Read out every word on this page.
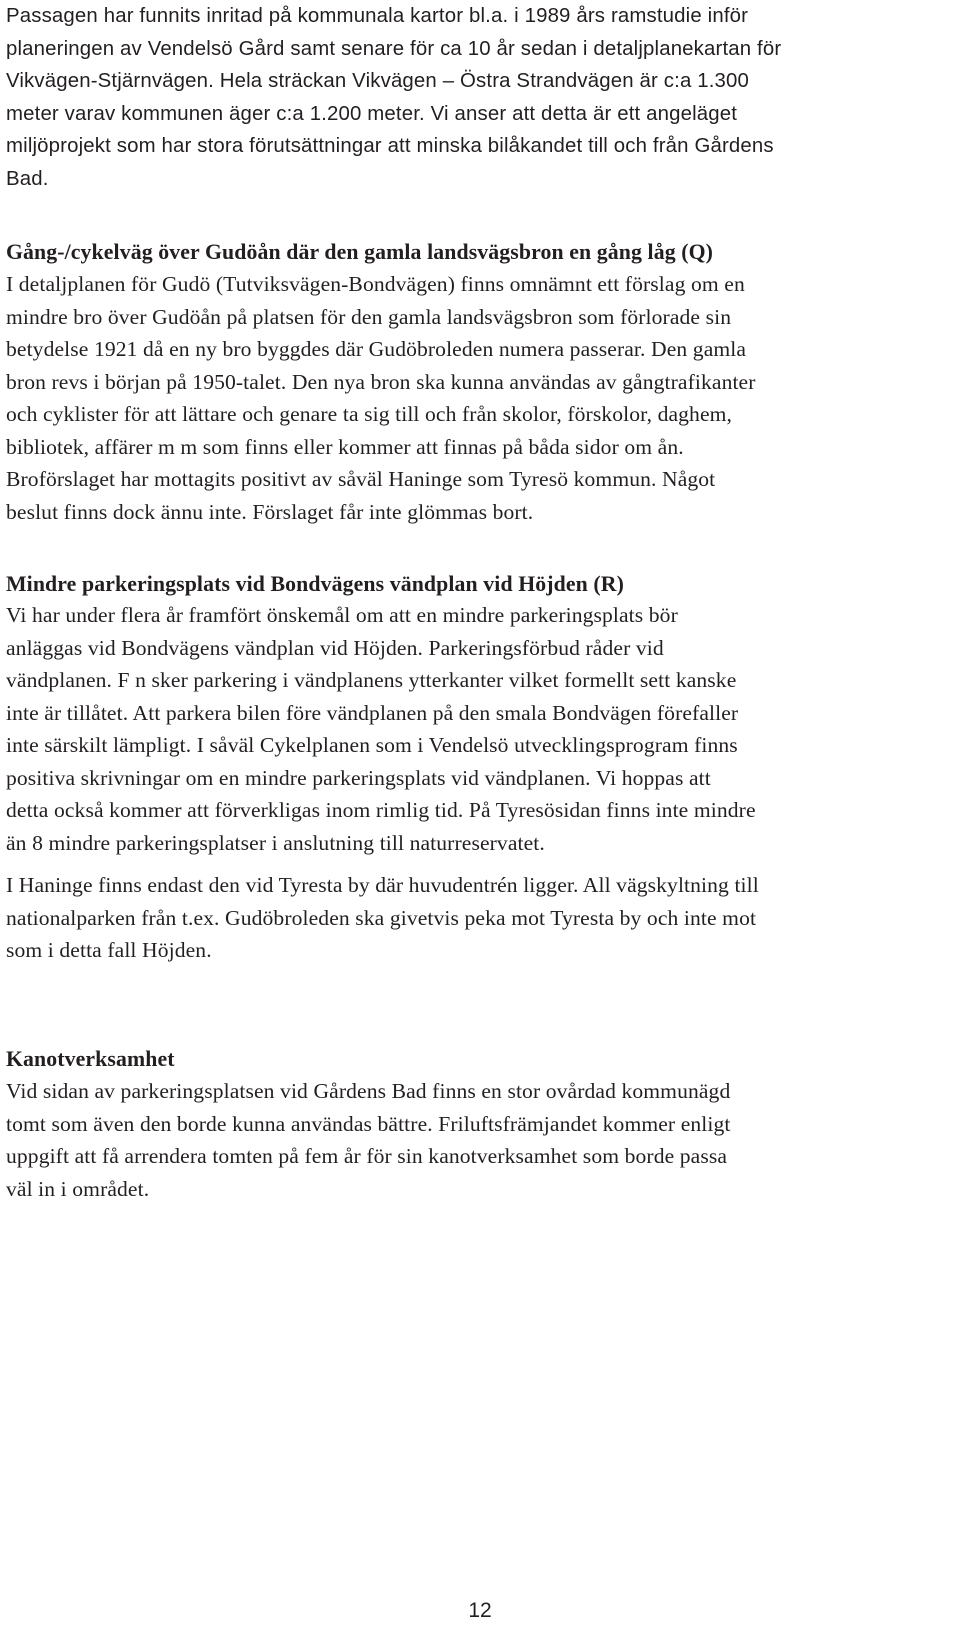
Passagen har funnits inritad på kommunala kartor bl.a. i 1989 års ramstudie inför
planeringen av Vendelsö Gård samt senare för ca 10 år sedan i detaljplanekartan för
Vikvägen-Stjärnvägen. Hela sträckan Vikvägen – Östra Strandvägen är c:a 1.300
meter varav kommunen äger c:a 1.200 meter. Vi anser att detta är ett angeläget
miljöprojekt som har stora förutsättningar att minska bilåkandet till och från Gårdens
Bad.

Gång-/cykelväg över Gudöån där den gamla landsvägsbron en gång låg (Q)

I detaljplanen för Gudö (Tutviksvägen-Bondvägen) finns omnämnt ett förslag om en
mindre bro över Gudöån på platsen för den gamla landsvägsbron som förlorade sin
betydelse 1921 då en ny bro byggdes där Gudöbroleden numera passerar. Den gamla
bron revs i början på 1950-talet. Den nya bron ska kunna användas av gångtrafikanter
och cyklister för att lättare och genare ta sig till och från skolor, förskolor, daghem,
bibliotek, affärer m m som finns eller kommer att finnas på båda sidor om ån.
Broförslaget har mottagits positivt av såväl Haninge som Tyresö kommun. Något
beslut finns dock ännu inte. Förslaget får inte glömmas bort.

Mindre parkeringsplats vid Bondvägens vändplan vid Höjden (R)

Vi har under flera år framfört önskemål om att en mindre parkeringsplats bör
anläggas vid Bondvägens vändplan vid Höjden. Parkeringsförbud råder vid
vändplanen. F n sker parkering i vändplanens ytterkanter vilket formellt sett kanske
inte är tillåtet. Att parkera bilen före vändplanen på den smala Bondvägen förefaller
inte särskilt lämpligt. I såväl Cykelplanen som i Vendelsö utvecklingsprogram finns
positiva skrivningar om en mindre parkeringsplats vid vändplanen. Vi hoppas att
detta också kommer att förverkligas inom rimlig tid. På Tyresösidan finns inte mindre
än 8 mindre parkeringsplatser i anslutning till naturreservatet.

I Haninge finns endast den vid Tyresta by där huvudentrén ligger. All vägskyltning till
nationalparken från t.ex. Gudöbroleden ska givetvis peka mot Tyresta by och inte mot
som i detta fall Höjden.

Kanotverksamhet

Vid sidan av parkeringsplatsen vid Gårdens Bad finns en stor ovårdad kommunägd
tomt som även den borde kunna användas bättre. Friluftsfrämjandet kommer enligt
uppgift att få arrendera tomten på fem år för sin kanotverksamhet som borde passa
väl in i området.

12
